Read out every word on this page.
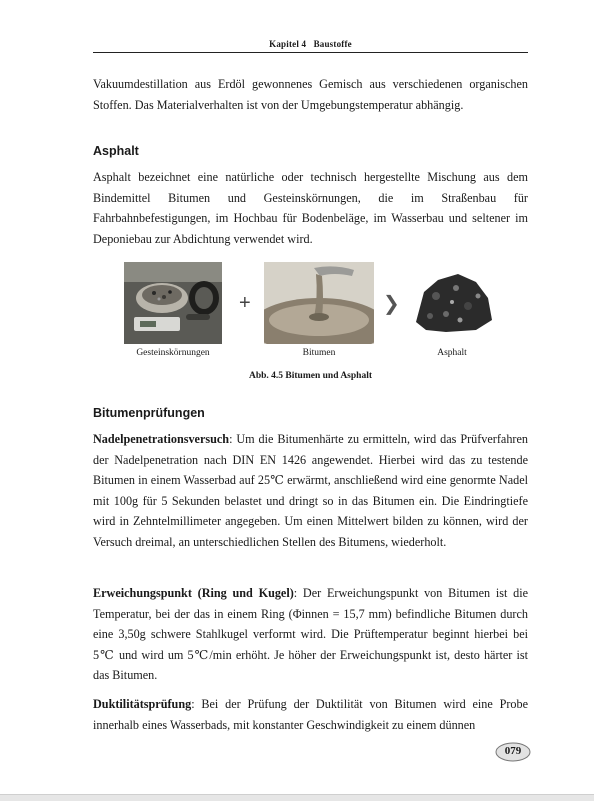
Kapitel 4 Baustoffe

Vakuumdestillation aus Erdöl gewonnenes Gemisch aus verschiedenen organischen Stoffen. Das Materialverhalten ist von der Umgebungstemperatur abhängig.

Asphalt

Asphalt bezeichnet eine natürliche oder technisch hergestellte Mischung aus dem Bindemittel Bitumen und Gesteinskörnungen, die im Straßenbau für Fahrbahnbefestigungen, im Hochbau für Bodenbeläge, im Wasserbau und seltener im Deponiebau zur Abdichtung verwendet wird.

Gesteinskörnungen	Bitumen	Asphalt
+	❯
Abb. 4.5 Bitumen und Asphalt
Bitumenprüfungen

Nadelpenetrationsversuch: Um die Bitumenhärte zu ermitteln, wird das Prüfverfahren der Nadelpenetration nach DIN EN 1426 angewendet. Hierbei wird das zu testende Bitumen in einem Wasserbad auf 25℃ erwärmt, anschließend wird eine genormte Nadel mit 100g für 5 Sekunden belastet und dringt so in das Bitumen ein. Die Eindringtiefe wird in Zehntelmillimeter angegeben. Um einen Mittelwert bilden zu können, wird der Versuch dreimal, an unterschiedlichen Stellen des Bitumens, wiederholt.

Erweichungspunkt (Ring und Kugel): Der Erweichungspunkt von Bitumen ist die Temperatur, bei der das in einem Ring (Φinnen = 15,7 mm) befindliche Bitumen durch eine 3,50g schwere Stahlkugel verformt wird. Die Prüftemperatur beginnt hierbei bei 5℃ und wird um 5℃/min erhöht. Je höher der Erweichungspunkt ist, desto härter ist das Bitumen.

Duktilitätsprüfung: Bei der Prüfung der Duktilität von Bitumen wird eine Probe innerhalb eines Wasserbads, mit konstanter Geschwindigkeit zu einem dünnen

079
